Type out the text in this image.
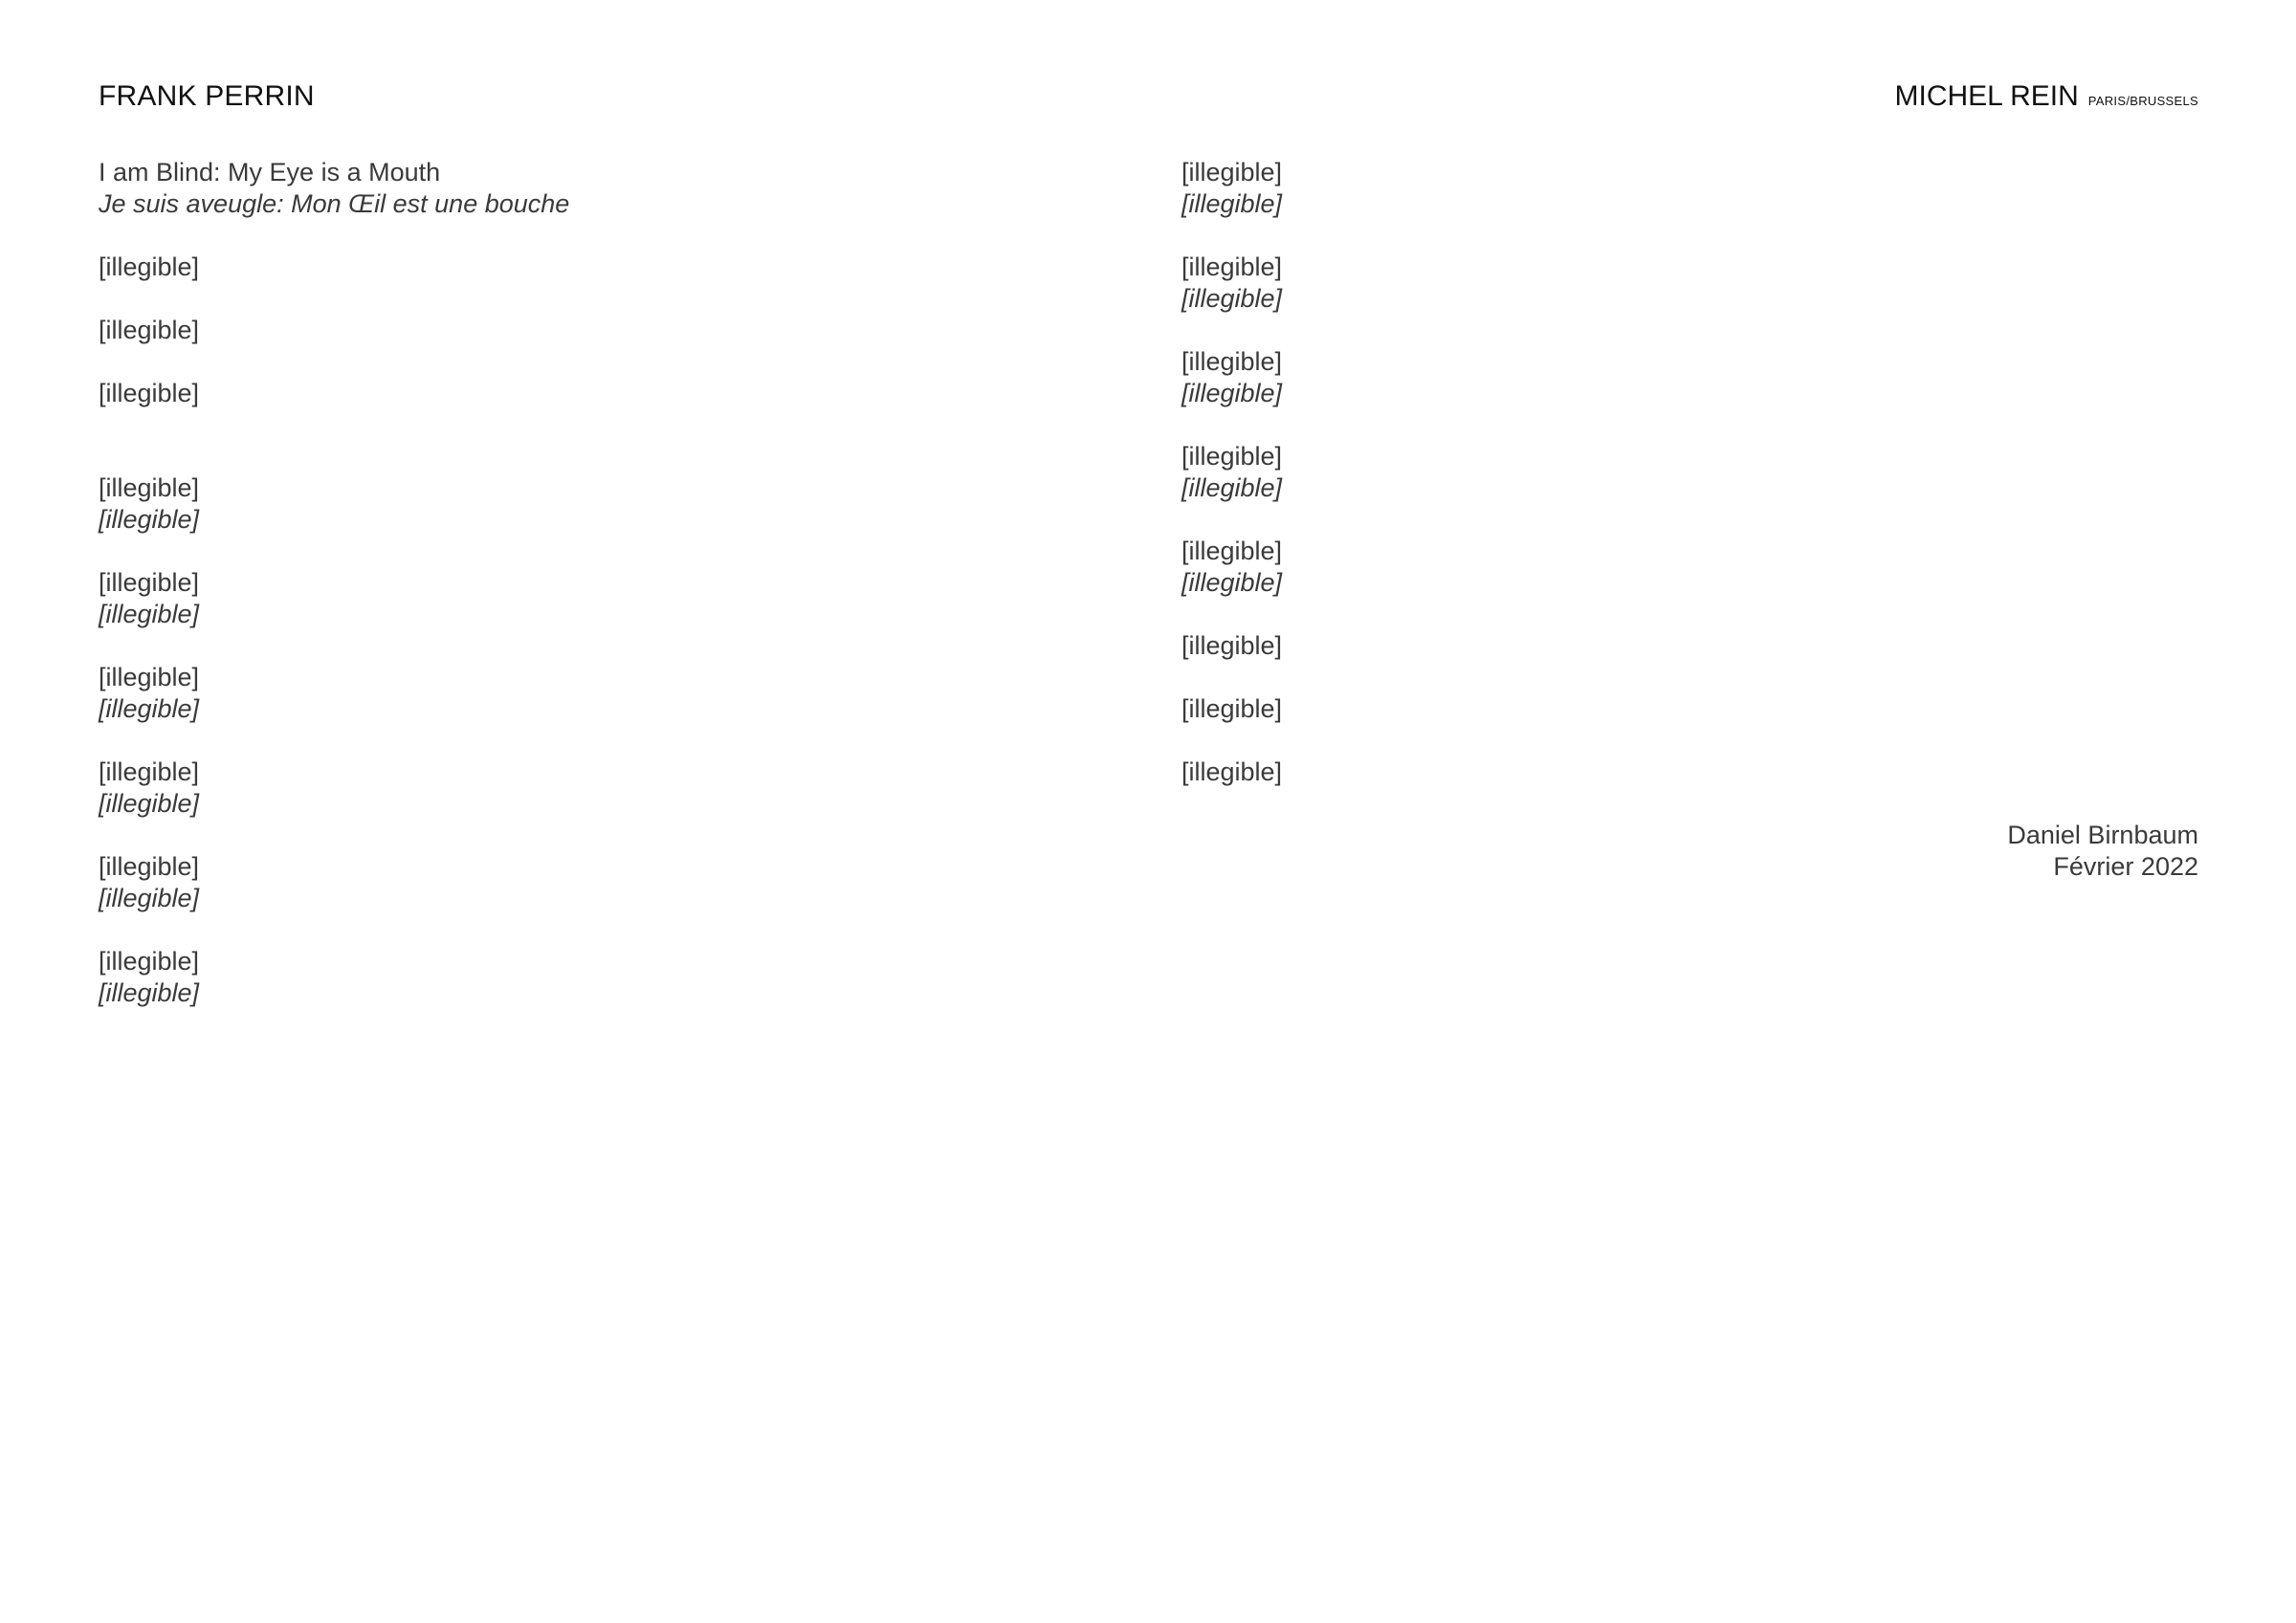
FRANK PERRIN	MICHEL REIN PARIS/BRUSSELS

I am Blind: My Eye is a Mouth

Je suis aveugle: Mon Œil est une bouche

[illegible]

[illegible]

[illegible]

[illegible]

[illegible]

[illegible]

[illegible]

[illegible]

[illegible]

[illegible]

[illegible]

[illegible]

[illegible]

[illegible]

[illegible]

[illegible]

[illegible]

[illegible]

[illegible]

[illegible]

[illegible]

[illegible]

[illegible]

[illegible]

[illegible]

[illegible]

[illegible]

[illegible]

Daniel Birnbaum

Février 2022
